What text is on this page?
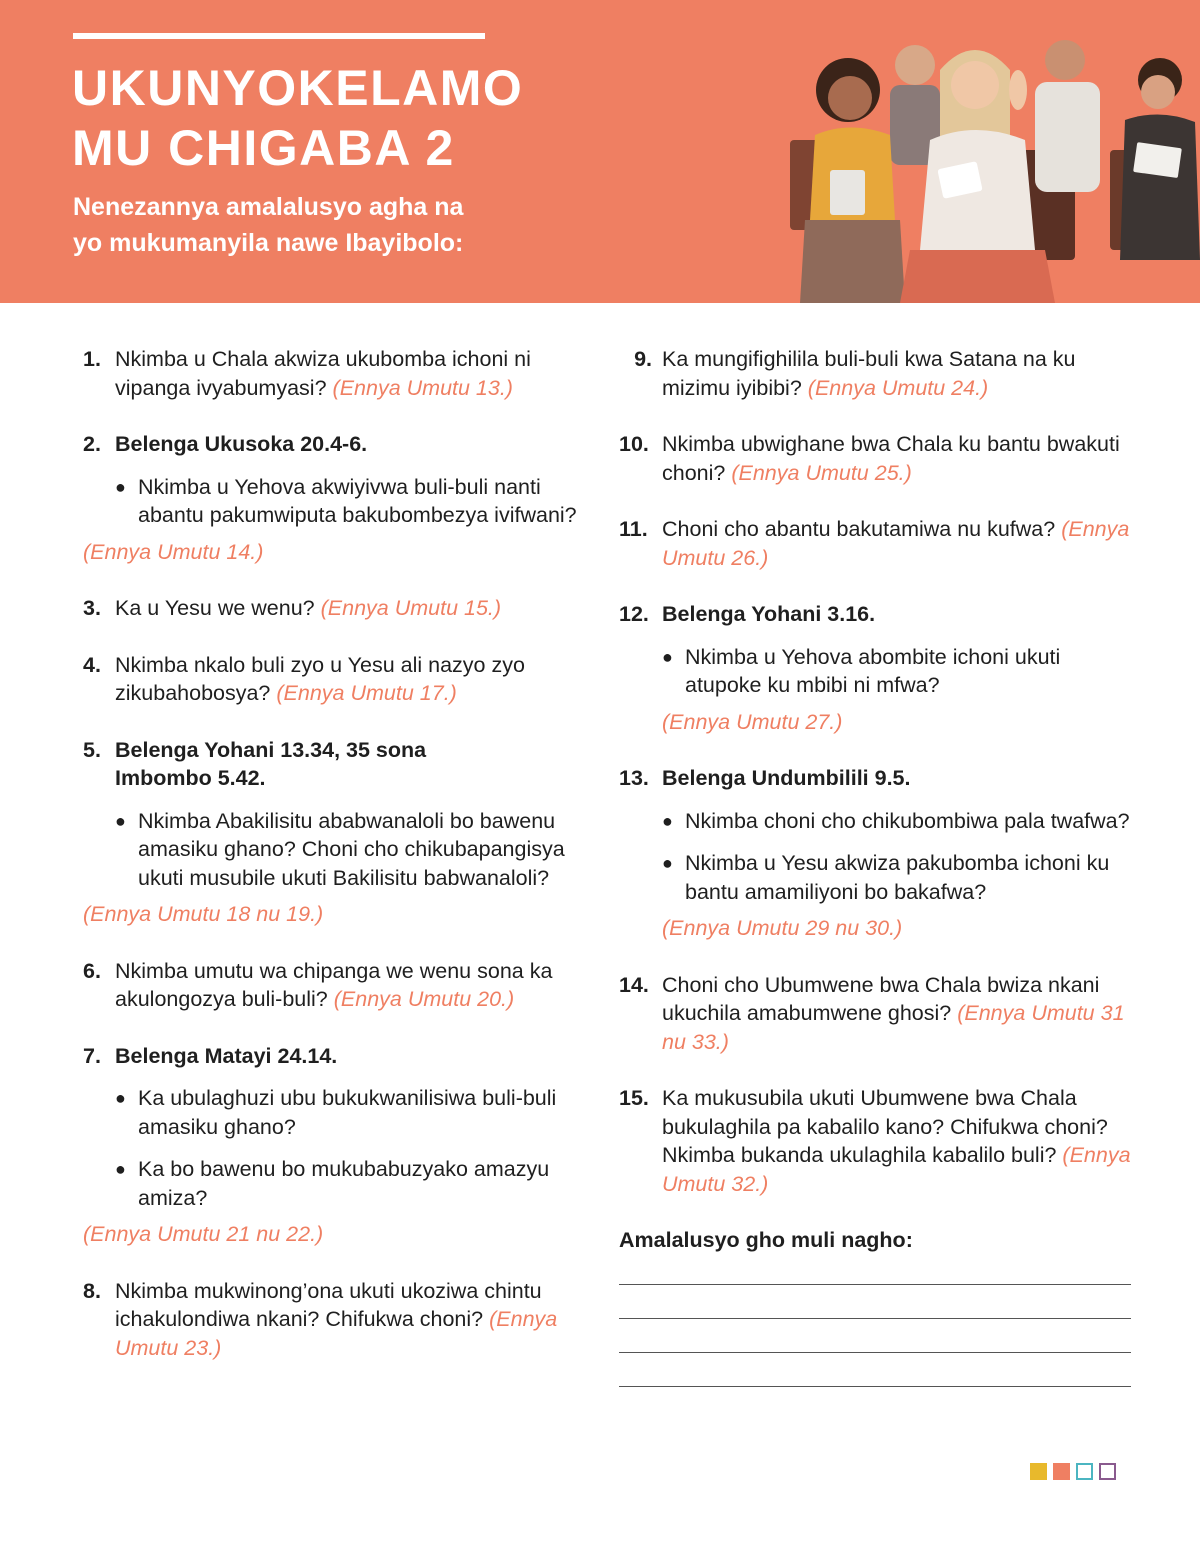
UKUNYOKELAMO
MU CHIGABA 2
Nenezannya amalalusyo agha na
yo mukumanyila nawe Ibayibolo:
1. Nkimba u Chala akwiza ukubomba ichoni ni vipanga ivyabumyasi? (Ennya Umutu 13.)
2. Belenga Ukusoka 20.4-6.
● Nkimba u Yehova akwiyivwa buli-buli nanti abantu pakumwiputa bakubombezya ivifwani?
(Ennya Umutu 14.)
3. Ka u Yesu we wenu? (Ennya Umutu 15.)
4. Nkimba nkalo buli zyo u Yesu ali nazyo zyo zikubahobosya? (Ennya Umutu 17.)
5. Belenga Yohani 13.34, 35 sona Imbombo 5.42.
● Nkimba Abakilisitu ababwanaloli bo bawenu amasiku ghano? Choni cho chikubapangisya ukuti musubile ukuti Bakilisitu babwanaloli?
(Ennya Umutu 18 nu 19.)
6. Nkimba umutu wa chipanga we wenu sona ka akulongozya buli-buli? (Ennya Umutu 20.)
7. Belenga Matayi 24.14.
● Ka ubulaghuzi ubu bukukwanilisiwa buli-buli amasiku ghano?
● Ka bo bawenu bo mukubabuzyako amazyu amiza?
(Ennya Umutu 21 nu 22.)
8. Nkimba mukwinong’ona ukuti ukoziwa chintu ichakulondiwa nkani? Chifukwa choni? (Ennya Umutu 23.)
9. Ka mungifighilila buli-buli kwa Satana na ku mizimu iyibibi? (Ennya Umutu 24.)
10. Nkimba ubwighane bwa Chala ku bantu bwakuti choni? (Ennya Umutu 25.)
11. Choni cho abantu bakutamiwa nu kufwa? (Ennya Umutu 26.)
12. Belenga Yohani 3.16.
● Nkimba u Yehova abombite ichoni ukuti atupoke ku mbibi ni mfwa?
(Ennya Umutu 27.)
13. Belenga Undumbilili 9.5.
● Nkimba choni cho chikubombiwa pala twafwa?
● Nkimba u Yesu akwiza pakubomba ichoni ku bantu amamiliyoni bo bakafwa?
(Ennya Umutu 29 nu 30.)
14. Choni cho Ubumwene bwa Chala bwiza nkani ukuchila amabumwene ghosi? (Ennya Umutu 31 nu 33.)
15. Ka mukusubila ukuti Ubumwene bwa Chala bukulaghila pa kabalilo kano? Chifukwa choni? Nkimba bukanda ukulaghila kabalilo buli? (Ennya Umutu 32.)
Amalalusyo gho muli nagho:
